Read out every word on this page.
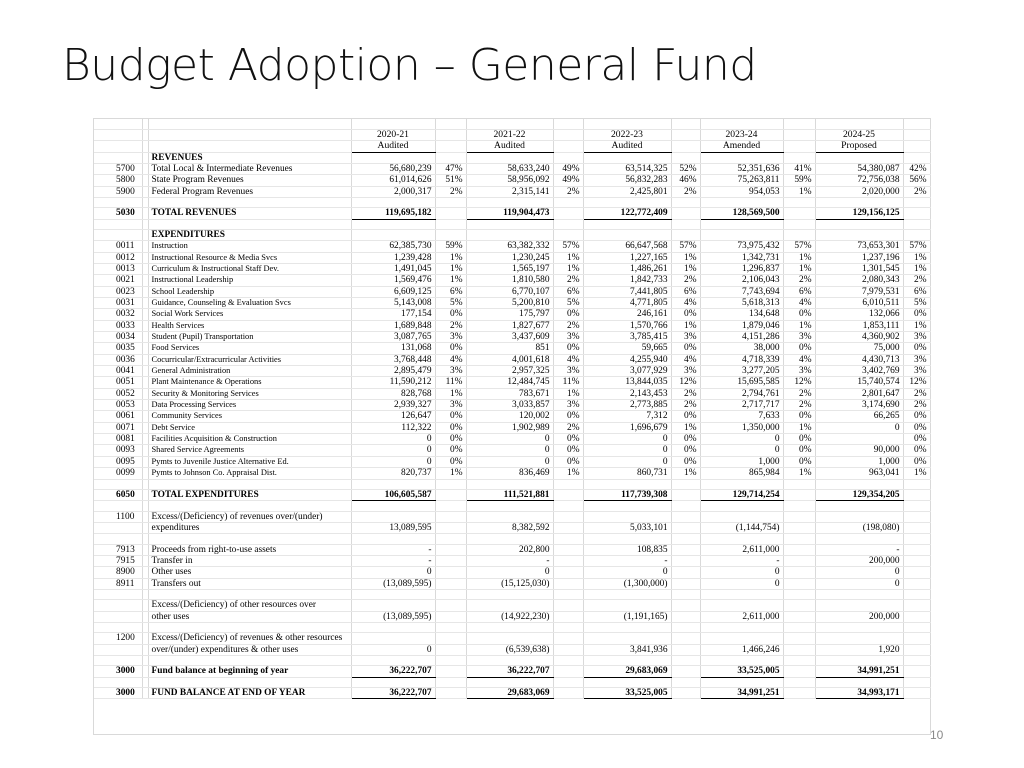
Budget Adoption – General Fund

			2020-21		2021-22		2022-23		2023-24		2024-25	
			Audited		Audited		Audited		Amended		Proposed	
		REVENUES										
5700		Total Local & Intermediate Revenues	56,680,239	47%	58,633,240	49%	63,514,325	52%	52,351,636	41%	54,380,087	42%
5800		State Program Revenues	61,014,626	51%	58,956,092	49%	56,832,283	46%	75,263,811	59%	72,756,038	56%
5900		Federal Program Revenues	2,000,317	2%	2,315,141	2%	2,425,801	2%	954,053	1%	2,020,000	2%

5030		TOTAL REVENUES	119,695,182		119,904,473		122,772,409		128,569,500		129,156,125	

		EXPENDITURES										
0011		Instruction	62,385,730	59%	63,382,332	57%	66,647,568	57%	73,975,432	57%	73,653,301	57%
0012		Instructional Resource & Media Svcs	1,239,428	1%	1,230,245	1%	1,227,165	1%	1,342,731	1%	1,237,196	1%
0013		Curriculum & Instructional Staff Dev.	1,491,045	1%	1,565,197	1%	1,486,261	1%	1,296,837	1%	1,301,545	1%
0021		Instructional Leadership	1,569,476	1%	1,810,580	2%	1,842,733	2%	2,106,043	2%	2,080,343	2%
0023		School Leadership	6,609,125	6%	6,770,107	6%	7,441,805	6%	7,743,694	6%	7,979,531	6%
0031		Guidance, Counseling & Evaluation Svcs	5,143,008	5%	5,200,810	5%	4,771,805	4%	5,618,313	4%	6,010,511	5%
0032		Social Work Services	177,154	0%	175,797	0%	246,161	0%	134,648	0%	132,066	0%
0033		Health Services	1,689,848	2%	1,827,677	2%	1,570,766	1%	1,879,046	1%	1,853,111	1%
0034		Student (Pupil) Transportation	3,087,765	3%	3,437,609	3%	3,785,415	3%	4,151,286	3%	4,360,902	3%
0035		Food Services	131,068	0%	851	0%	59,665	0%	38,000	0%	75,000	0%
0036		Cocurricular/Extracurricular Activities	3,768,448	4%	4,001,618	4%	4,255,940	4%	4,718,339	4%	4,430,713	3%
0041		General Administration	2,895,479	3%	2,957,325	3%	3,077,929	3%	3,277,205	3%	3,402,769	3%
0051		Plant Maintenance & Operations	11,590,212	11%	12,484,745	11%	13,844,035	12%	15,695,585	12%	15,740,574	12%
0052		Security & Monitoring Services	828,768	1%	783,671	1%	2,143,453	2%	2,794,761	2%	2,801,647	2%
0053		Data Processing Services	2,939,327	3%	3,033,857	3%	2,773,885	2%	2,717,717	2%	3,174,690	2%
0061		Community Services	126,647	0%	120,002	0%	7,312	0%	7,633	0%	66,265	0%
0071		Debt Service	112,322	0%	1,902,989	2%	1,696,679	1%	1,350,000	1%	0	0%
0081		Facilities Acquisition & Construction	0	0%	0	0%	0	0%	0	0%		0%
0093		Shared Service Agreements	0	0%	0	0%	0	0%	0	0%	90,000	0%
0095		Pymts to Juvenile Justice Alternative Ed.	0	0%	0	0%	0	0%	1,000	0%	1,000	0%
0099		Pymts to Johnson Co. Appraisal Dist.	820,737	1%	836,469	1%	860,731	1%	865,984	1%	963,041	1%

6050		TOTAL EXPENDITURES	106,605,587		111,521,881		117,739,308		129,714,254		129,354,205	

1100		Excess/(Deficiency) of revenues over/(under)										
		expenditures	13,089,595		8,382,592		5,033,101		(1,144,754)		(198,080)	

7913		Proceeds from right-to-use assets	-		202,800		108,835		2,611,000		-	
7915		Transfer in	-		-		-		-		200,000	
8900		Other uses	0		0		0		0		0	
8911		Transfers out	(13,089,595)		(15,125,030)		(1,300,000)		0		0	

		Excess/(Deficiency) of other resources over										
		other uses	(13,089,595)		(14,922,230)		(1,191,165)		2,611,000		200,000	

1200		Excess/(Deficiency) of revenues & other resources										
		over/(under) expenditures & other uses	0		(6,539,638)		3,841,936		1,466,246		1,920	

3000		Fund balance at beginning of year	36,222,707		36,222,707		29,683,069		33,525,005		34,991,251	

3000		FUND BALANCE AT END OF YEAR	36,222,707		29,683,069		33,525,005		34,991,251		34,993,171	
10
